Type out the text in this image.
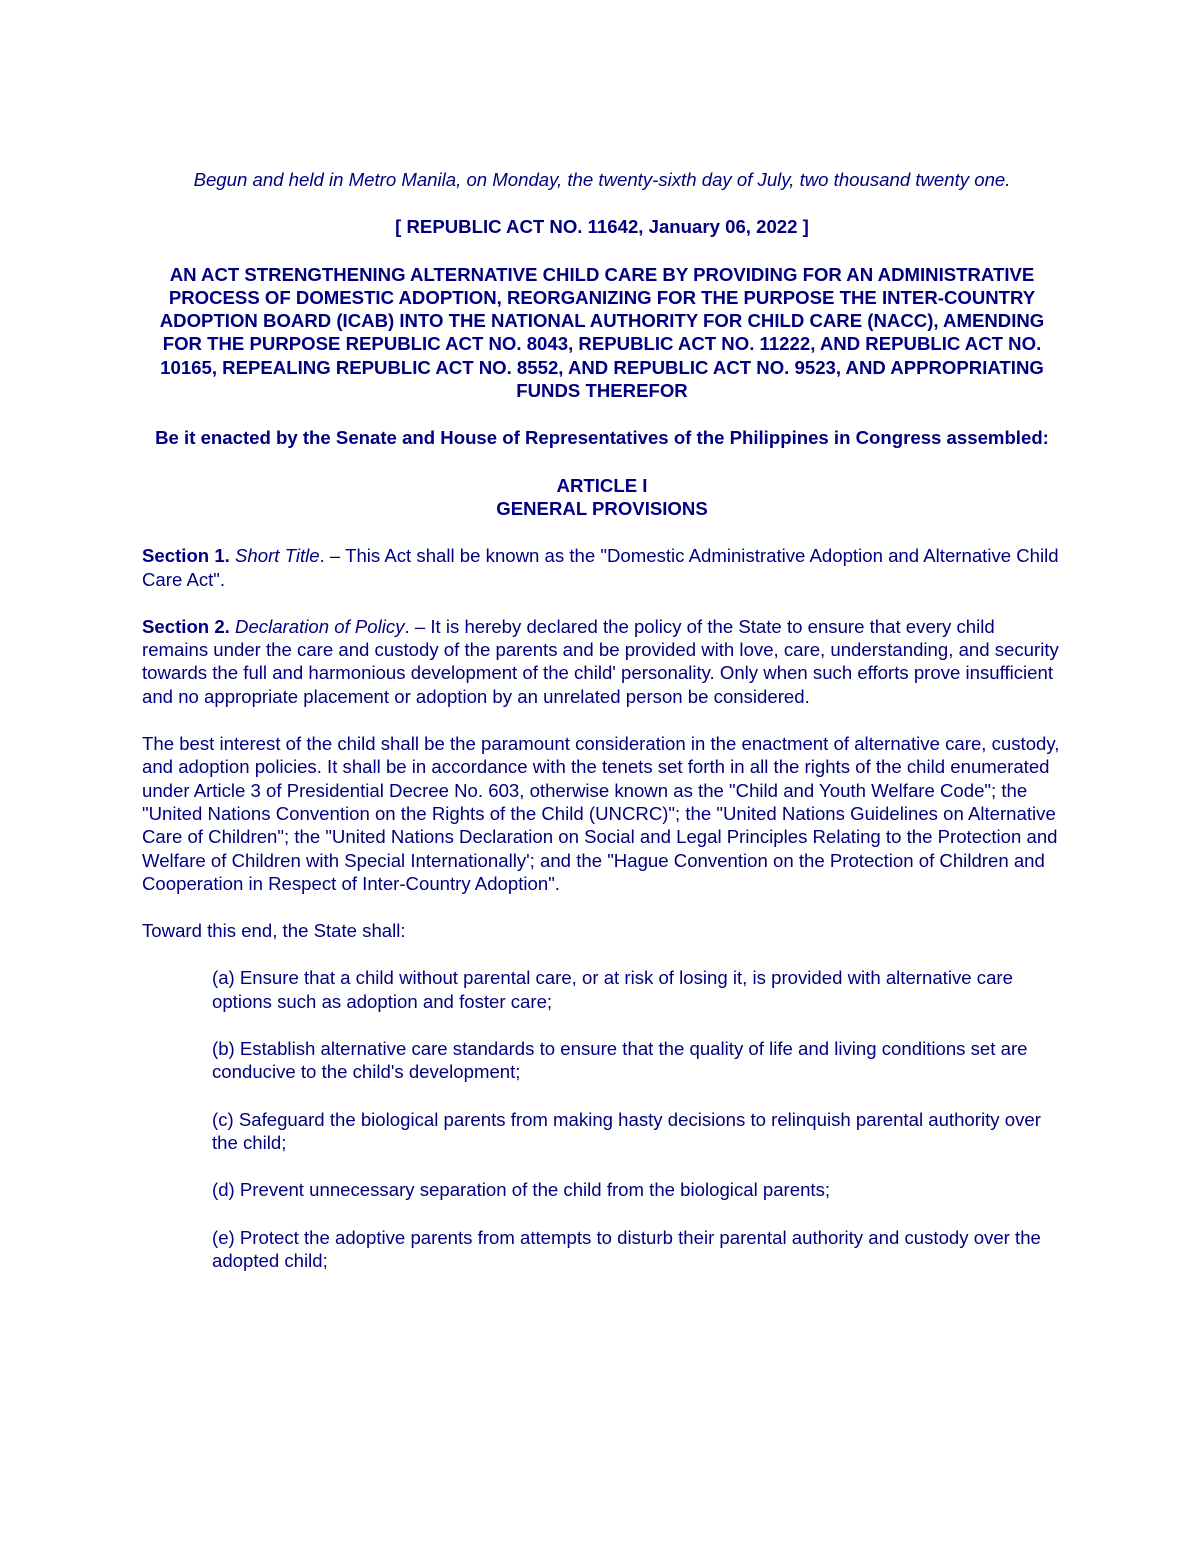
Begun and held in Metro Manila, on Monday, the twenty-sixth day of July, two thousand twenty one.

[ REPUBLIC ACT NO. 11642, January 06, 2022 ]

AN ACT STRENGTHENING ALTERNATIVE CHILD CARE BY PROVIDING FOR AN ADMINISTRATIVE PROCESS OF DOMESTIC ADOPTION, REORGANIZING FOR THE PURPOSE THE INTER-COUNTRY ADOPTION BOARD (ICAB) INTO THE NATIONAL AUTHORITY FOR CHILD CARE (NACC), AMENDING FOR THE PURPOSE REPUBLIC ACT NO. 8043, REPUBLIC ACT NO. 11222, AND REPUBLIC ACT NO. 10165, REPEALING REPUBLIC ACT NO. 8552, AND REPUBLIC ACT NO. 9523, AND APPROPRIATING FUNDS THEREFOR

Be it enacted by the Senate and House of Representatives of the Philippines in Congress assembled:

ARTICLE I
GENERAL PROVISIONS

Section 1. Short Title. – This Act shall be known as the "Domestic Administrative Adoption and Alternative Child Care Act".

Section 2. Declaration of Policy. – It is hereby declared the policy of the State to ensure that every child remains under the care and custody of the parents and be provided with love, care, understanding, and security towards the full and harmonious development of the child' personality. Only when such efforts prove insufficient and no appropriate placement or adoption by an unrelated person be considered.

The best interest of the child shall be the paramount consideration in the enactment of alternative care, custody, and adoption policies. It shall be in accordance with the tenets set forth in all the rights of the child enumerated under Article 3 of Presidential Decree No. 603, otherwise known as the "Child and Youth Welfare Code"; the "United Nations Convention on the Rights of the Child (UNCRC)"; the "United Nations Guidelines on Alternative Care of Children"; the "United Nations Declaration on Social and Legal Principles Relating to the Protection and Welfare of Children with Special Internationally'; and the "Hague Convention on the Protection of Children and Cooperation in Respect of Inter-Country Adoption".

Toward this end, the State shall:

(a) Ensure that a child without parental care, or at risk of losing it, is provided with alternative care options such as adoption and foster care;
(b) Establish alternative care standards to ensure that the quality of life and living conditions set are conducive to the child's development;
(c) Safeguard the biological parents from making hasty decisions to relinquish parental authority over the child;
(d) Prevent unnecessary separation of the child from the biological parents;
(e) Protect the adoptive parents from attempts to disturb their parental authority and custody over the adopted child;
